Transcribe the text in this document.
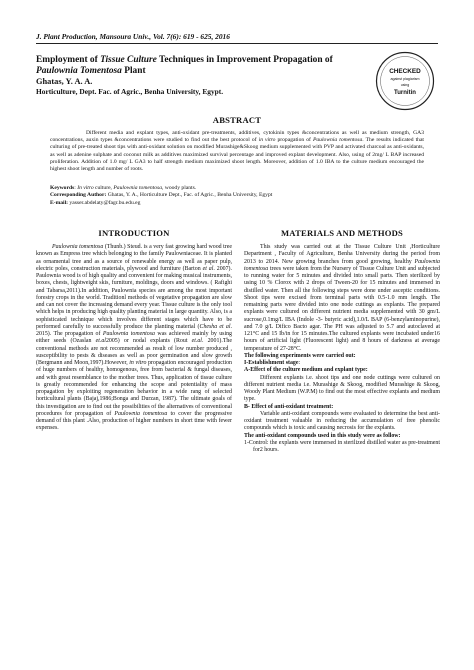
J. Plant Production, Mansoura Univ., Vol. 7(6): 619 - 625, 2016
Employment of Tissue Culture Techniques in Improvement Propagation of
Paulownia Tomentosa Plant
Ghatas, Y. A. A.
Horticulture, Dept. Fac. of Agric., Benha University, Egypt.
CHECKED
against plagiarism
using
Turnitin
ABSTRACT
Different media and explant types, anti-oxidant pre-treatments, additives, cytokinin types &concentrations as well as medium strength, GA3 concentrations, auxin types &concentrations were studied to find out the best protocol of in vitro propagation of Paulownia tomentosa. The results indicated that culturing of pre-treated shoot tips with anti-oxidant solution on modified Murashige&Skoog medium supplemented with PVP and activated charcoal as anti-oxidants, as well as adenine sulphate and coconut milk as additives maximized survival percentage and improved explant development. Also, using of 2mg/ L BAP increased proliferation. Addition of 1.0 mg/ L GA3 to half strength medium maximized shoot length. Moreover, addition of 1.0 IBA to the culture medium encouraged the highest shoot length and number of roots.
Keywords: In vitro culture, Paulownia tomentosa, woody plants.
Corresponding Author: Ghatas, Y. A., Horticulture Dept., Fac. of Agric., Benha University, Egypt
E-mail: yasser.abdelaty@fagr.bu.edu.eg
INTRODUCTION

Paulownia tomentosa (Thunb.) Steud. is a very fast growing hard wood tree known as Empress tree which belonging to the family Paulowniaceae. It is planted as ornamental tree and as a source of renewable energy as well as paper pulp, electric poles, construction materials, plywood and furniture (Barton et al. 2007). Paulownia wood is of high quality and convenient for making musical instruments, boxes, chests, lightweight skis, furniture, moldings, doors and windows. ( Rafighi and Tabarsa,2011).In addition, Paulownia species are among the most important forestry crops in the world. Traditionl methods of vegetative propagation are slow and can not cover the increasing demand every year. Tissue culture is the only tool which helps in producing high quality planting material in large quantity. Also, is a sophisticated technique which involves different stages which have to be performed carefully to successfully produce the planting material (Chesha et al. 2015). The propagation of Paulownia tomentosa was achieved mainly by using either seeds (Ozaslan et.al2005) or nodal explants (Rout et.al. 2001).The conventional methods are not recommended as result of low number produced , susceptibility to pests & diseases as well as poor germination and slow growth (Bergmann and Moon,1997).However, in vitro propagation encouraged production of huge numbers of healthy, homogenous, free from bacterial & fungal diseases, and with great resemblance to the mother trees. Thus, application of tissue culture is greatly recommended for enhancing the scope and potentiality of mass propagation by exploiting regeneration behavior in a wide rang of selected horticultural plants (Bajaj,1986;Bonga and Durzan, 1987). The ultimate goals of this investigation are to find out the possibilities of the alternatives of conventional procedures for propagation of Paulownia tomentosa to cover the progressive demand of this plant .Also, production of higher numbers in short time with fewer expenses.

MATERIALS AND METHODS

This study was carried out at the Tissue Culture Unit ,Horticulture Department , Faculty of Agriculture, Benha University during the period from 2013 to 2014. New growing branches from good growing, healthy Paulownia tomentosa trees were taken from the Nursery of Tissue Culture Unit and subjected to running water for 5 minutes and divided into small parts. Then sterilized by using 10 % Clorox with 2 drops of Tween-20 for 15 minutes and immersed in distilled water. Then all the following steps were done under asceptic conditions. Shoot tips were excised from terminal parts with 0.5-1.0 mm length. The remaining parts were divided into one node cuttings as explants. The prepared explants were cultured on different nutrient media supplemented with 30 gm/L sucrose,0.1mg/L IBA (Indole -3- butyric acid),1.0/L BAP (6-benzylaminopurine), and 7.0 g/L Difico Bacto agar. The PH was adjusted to 5.7 and autoclaved at 121°C and 15 Ib/in for 15 minutes.The cultured explants were incubated under16 hours of artificial light (Fluorescent light) and 8 hours of darkness at average temperature of 27-28°C.

The following experiments were carried out:

I-Establishment stage:

A-Effect of the culture medium and explant type:

Different explants i.e. shoot tips and one node cuttings were cultured on different nutrient media i.e. Murashige & Skoog, modified Murashige & Skoog, Woody Plant Medium (W.P.M) to find out the most effective explants and medium type.

B- Effect of anti-oxidant treatment:

Variable anti-oxidant compounds were evaluated to determine the best anti-oxidant treatment valuable in reducing the accumulation of free phenolic compounds which is toxic and causing necrosis for the explants.

The anti-oxidant compounds used in this study were as follow:

1-Control: the explants were immersed in sterilized distilled water as pre-treatment for2 hours.
